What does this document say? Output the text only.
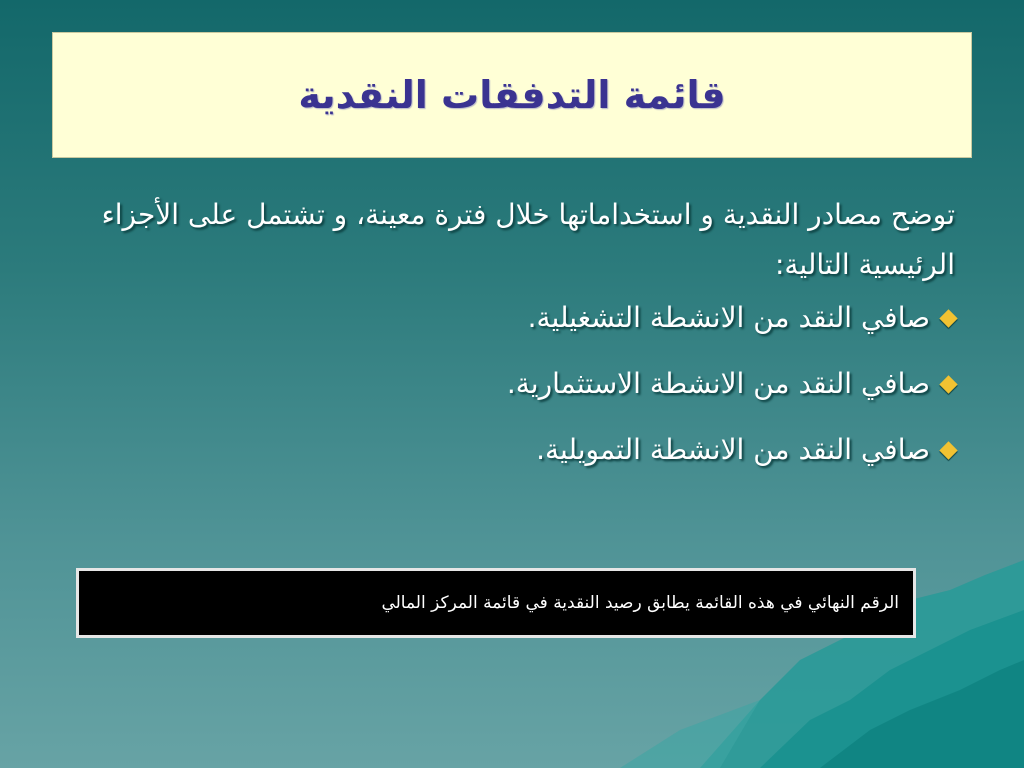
قائمة التدفقات النقدية

توضح مصادر النقدية و استخداماتها خلال فترة معينة، و تشتمل على الأجزاء الرئيسية التالية:

صافي النقد من الانشطة التشغيلية.
صافي النقد من الانشطة الاستثمارية.
صافي النقد من الانشطة التمويلية.
الرقم النهائي في هذه القائمة يطابق رصيد النقدية في قائمة المركز المالي
